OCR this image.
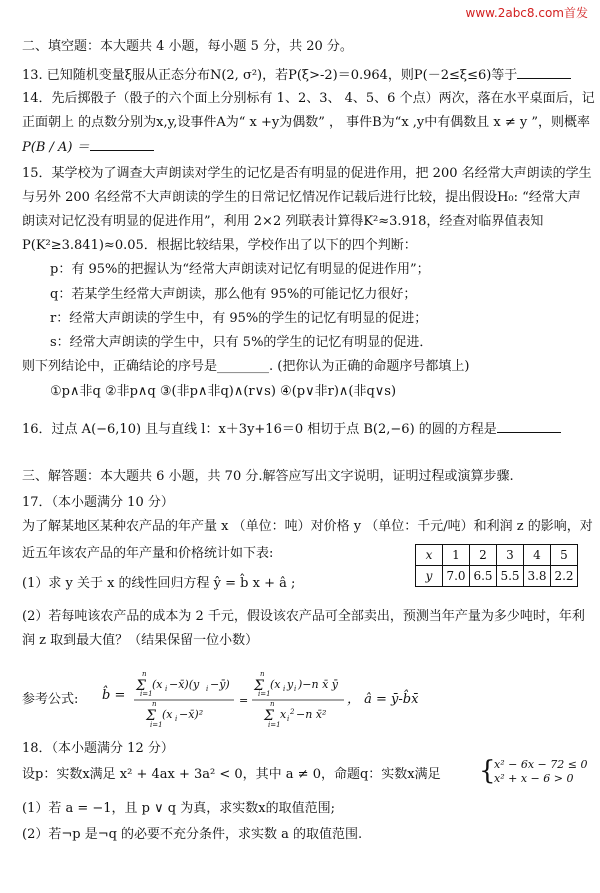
www.2abc8.com首发
二、填空题：本大题共 4 小题，每小题 5 分，共 20 分。
13. 已知随机变量ξ服从正态分布N(2, σ²)，若P(ξ>-2)＝0.964，则P(－2≤ξ≤6)等于
14．先后掷骰子（骰子的六个面上分别标有 1、2、3、 4、5、6 个点）两次，落在水平桌面后，记
正面朝上 的点数分别为x,y,设事件A为“ x +y为偶数” ， 事件B为“x ,y中有偶数且 x ≠ y ”，则概率
P(B / A) ＝
15．某学校为了调查大声朗读对学生的记忆是否有明显的促进作用，把 200 名经常大声朗读的学生
与另外 200 名经常不大声朗读的学生的日常记忆情况作记载后进行比较，提出假设H₀: “经常大声
朗读对记忆没有明显的促进作用”，利用 2×2 列联表计算得K²≈3.918，经查对临界值表知
P(K²≥3.841)≈0.05．根据比较结果，学校作出了以下的四个判断：
p：有 95%的把握认为“经常大声朗读对记忆有明显的促进作用”；
q：若某学生经常大声朗读，那么他有 95%的可能记忆力很好；
r：经常大声朗读的学生中，有 95%的学生的记忆有明显的促进；
s：经常大声朗读的学生中，只有 5%的学生的记忆有明显的促进．
则下列结论中，正确结论的序号是________. (把你认为正确的命题序号都填上)
①p∧非q ②非p∧q ③(非p∧非q)∧(r∨s) ④(p∨非r)∧(非q∨s)
16．过点 A(−6,10) 且与直线 l：x＋3y+16＝0 相切于点 B(2,−6) 的圆的方程是
三、解答题：本大题共 6 小题，共 70 分.解答应写出文字说明，证明过程或演算步骤.
17．（本小题满分 10 分）
为了解某地区某种农产品的年产量 x （单位：吨）对价格 y （单位：千元/吨）和利润 z 的影响，对
近五年该农产品的年产量和价格统计如下表:	x	1	2	3	4	5
y	7.0	6.5	5.5	3.8	2.2
(1）求 y 关于 x 的线性回归方程 ŷ = b̂ x + â ;
(2）若每吨该农产品的成本为 2 千元，假设该农产品可全部卖出，预测当年产量为多少吨时，年利
润 z 取到最大值？（结果保留一位小数）
参考公式: b̂ =
n
Σ
i=1
(x i −x̄)(y i −ȳ)
n
Σ
i=1
(x i −x̄)²
=
n
Σ
i=1
(x i y i )−n x̄ ȳ
n
Σ
i=1
x i
2 −n x̄²
， â = ȳ-b̂x̄
18．（本小题满分 12 分）
设p：实数x满足 x² + 4ax + 3a² < 0，其中 a ≠ 0，命题q：实数x满足	{
x² − 6x − 72 ≤ 0
x² + x − 6 > 0
(1）若 a = −1，且 p ∨ q 为真，求实数x的取值范围;
(2）若¬p 是¬q 的必要不充分条件，求实数 a 的取值范围.
